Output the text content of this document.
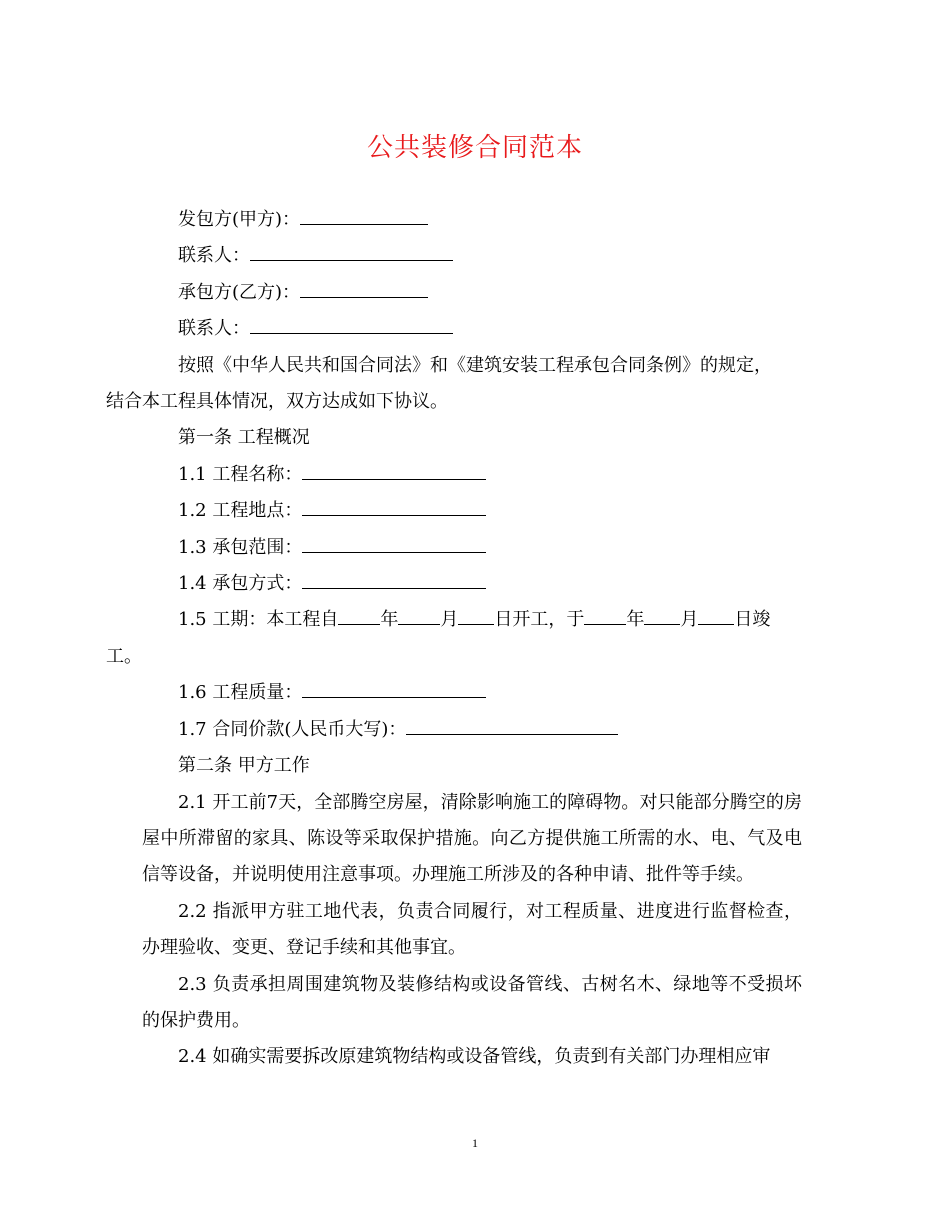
公共装修合同范本

发包方(甲方)：

联系人：

承包方(乙方)：

联系人：

按照《中华人民共和国合同法》和《建筑安装工程承包合同条例》的规定，
结合本工程具体情况，双方达成如下协议。

第一条 工程概况

1.1 工程名称：

1.2 工程地点：

1.3 承包范围：

1.4 承包方式：

1.5 工期：本工程自 年 月 日开工，于 年 月 日竣
工。

1.6 工程质量：

1.7 合同价款(人民币大写)：

第二条 甲方工作

2.1 开工前7天，全部腾空房屋，清除影响施工的障碍物。对只能部分腾空的房屋中所滞留的家具、陈设等采取保护措施。向乙方提供施工所需的水、电、气及电信等设备，并说明使用注意事项。办理施工所涉及的各种申请、批件等手续。

2.2 指派甲方驻工地代表，负责合同履行，对工程质量、进度进行监督检查，办理验收、变更、登记手续和其他事宜。

2.3 负责承担周围建筑物及装修结构或设备管线、古树名木、绿地等不受损坏的保护费用。

2.4 如确实需要拆改原建筑物结构或设备管线，负责到有关部门办理相应审

1
